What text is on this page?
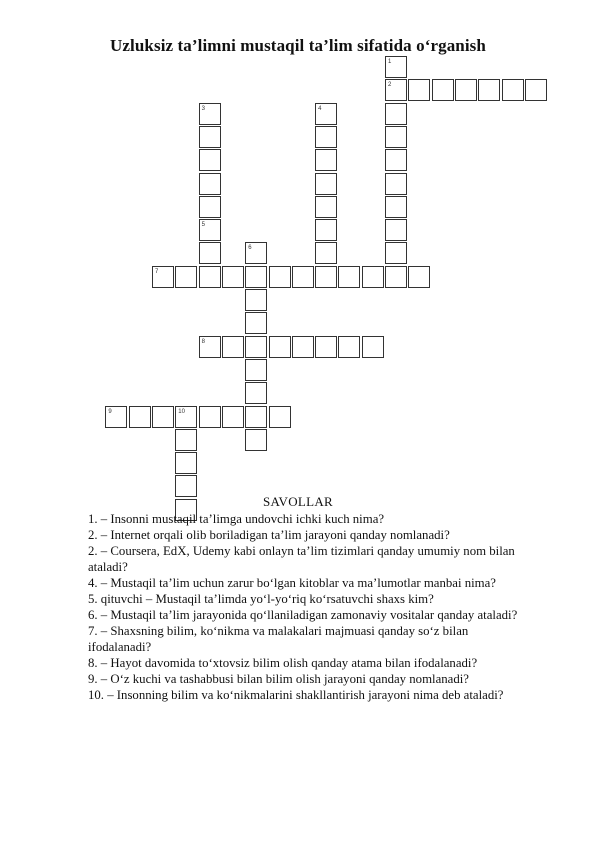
Uzluksiz ta’limni mustaqil ta’lim sifatida o‘rganish
1
2
3
5
4
6
7
8
9	10
SAVOLLAR

1. – Insonni mustaqil ta’limga undovchi ichki kuch nima?

2. – Internet orqali olib boriladigan ta’lim jarayoni qanday nomlanadi?

2. – Coursera, EdX, Udemy kabi onlayn ta’lim tizimlari qanday umumiy nom bilan ataladi?

4. – Mustaqil ta’lim uchun zarur bo‘lgan kitoblar va ma’lumotlar manbai nima?

5. qituvchi – Mustaqil ta’limda yo‘l-yo‘riq ko‘rsatuvchi shaxs kim?

6. – Mustaqil ta’lim jarayonida qo‘llaniladigan zamonaviy vositalar qanday ataladi?

7. – Shaxsning bilim, ko‘nikma va malakalari majmuasi qanday so‘z bilan ifodalanadi?

8. – Hayot davomida to‘xtovsiz bilim olish qanday atama bilan ifodalanadi?

9. – O‘z kuchi va tashabbusi bilan bilim olish jarayoni qanday nomlanadi?

10. – Insonning bilim va ko‘nikmalarini shakllantirish jarayoni nima deb ataladi?
